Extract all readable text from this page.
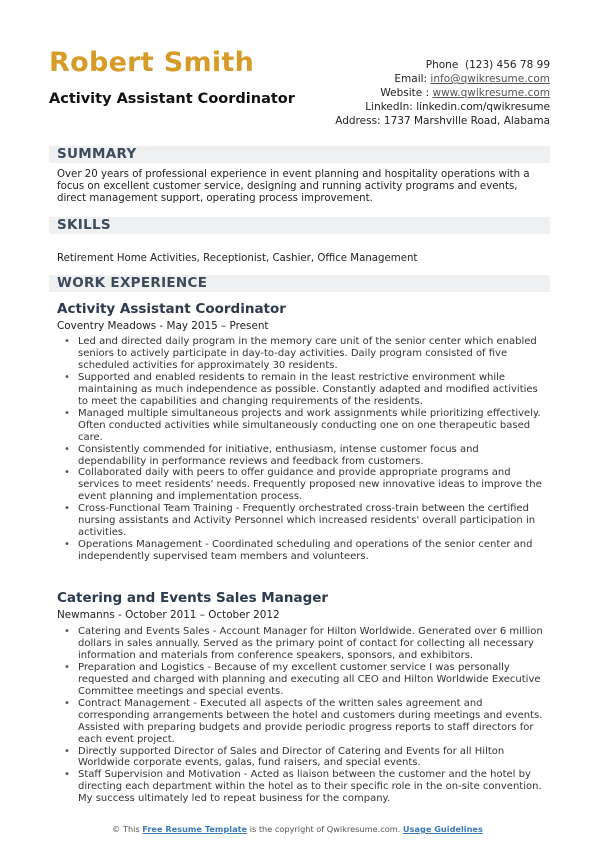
Robert Smith
Activity Assistant Coordinator
Phone (123) 456 78 99
Email: info@qwikresume.com
Website : www.qwikresume.com
LinkedIn: linkedin.com/qwikresume
Address: 1737 Marshville Road, Alabama
SUMMARY
Over 20 years of professional experience in event planning and hospitality operations with a focus on excellent customer service, designing and running activity programs and events, direct management support, operating process improvement.
SKILLS
Retirement Home Activities, Receptionist, Cashier, Office Management
WORK EXPERIENCE
Activity Assistant Coordinator
Coventry Meadows - May 2015 – Present
• Led and directed daily program in the memory care unit of the senior center which enabled seniors to actively participate in day-to-day activities. Daily program consisted of five scheduled activities for approximately 30 residents.
• Supported and enabled residents to remain in the least restrictive environment while maintaining as much independence as possible. Constantly adapted and modified activities to meet the capabilities and changing requirements of the residents.
• Managed multiple simultaneous projects and work assignments while prioritizing effectively. Often conducted activities while simultaneously conducting one on one therapeutic based care.
• Consistently commended for initiative, enthusiasm, intense customer focus and dependability in performance reviews and feedback from customers.
• Collaborated daily with peers to offer guidance and provide appropriate programs and services to meet residents' needs. Frequently proposed new innovative ideas to improve the event planning and implementation process.
• Cross-Functional Team Training - Frequently orchestrated cross-train between the certified nursing assistants and Activity Personnel which increased residents' overall participation in activities.
• Operations Management - Coordinated scheduling and operations of the senior center and independently supervised team members and volunteers.
Catering and Events Sales Manager
Newmanns - October 2011 – October 2012
• Catering and Events Sales - Account Manager for Hilton Worldwide. Generated over 6 million dollars in sales annually. Served as the primary point of contact for collecting all necessary information and materials from conference speakers, sponsors, and exhibitors.
• Preparation and Logistics - Because of my excellent customer service I was personally requested and charged with planning and executing all CEO and Hilton Worldwide Executive Committee meetings and special events.
• Contract Management - Executed all aspects of the written sales agreement and corresponding arrangements between the hotel and customers during meetings and events. Assisted with preparing budgets and provide periodic progress reports to staff directors for each event project.
• Directly supported Director of Sales and Director of Catering and Events for all Hilton Worldwide corporate events, galas, fund raisers, and special events.
• Staff Supervision and Motivation - Acted as liaison between the customer and the hotel by directing each department within the hotel as to their specific role in the on-site convention. My success ultimately led to repeat business for the company.
© This Free Resume Template is the copyright of Qwikresume.com. Usage Guidelines
